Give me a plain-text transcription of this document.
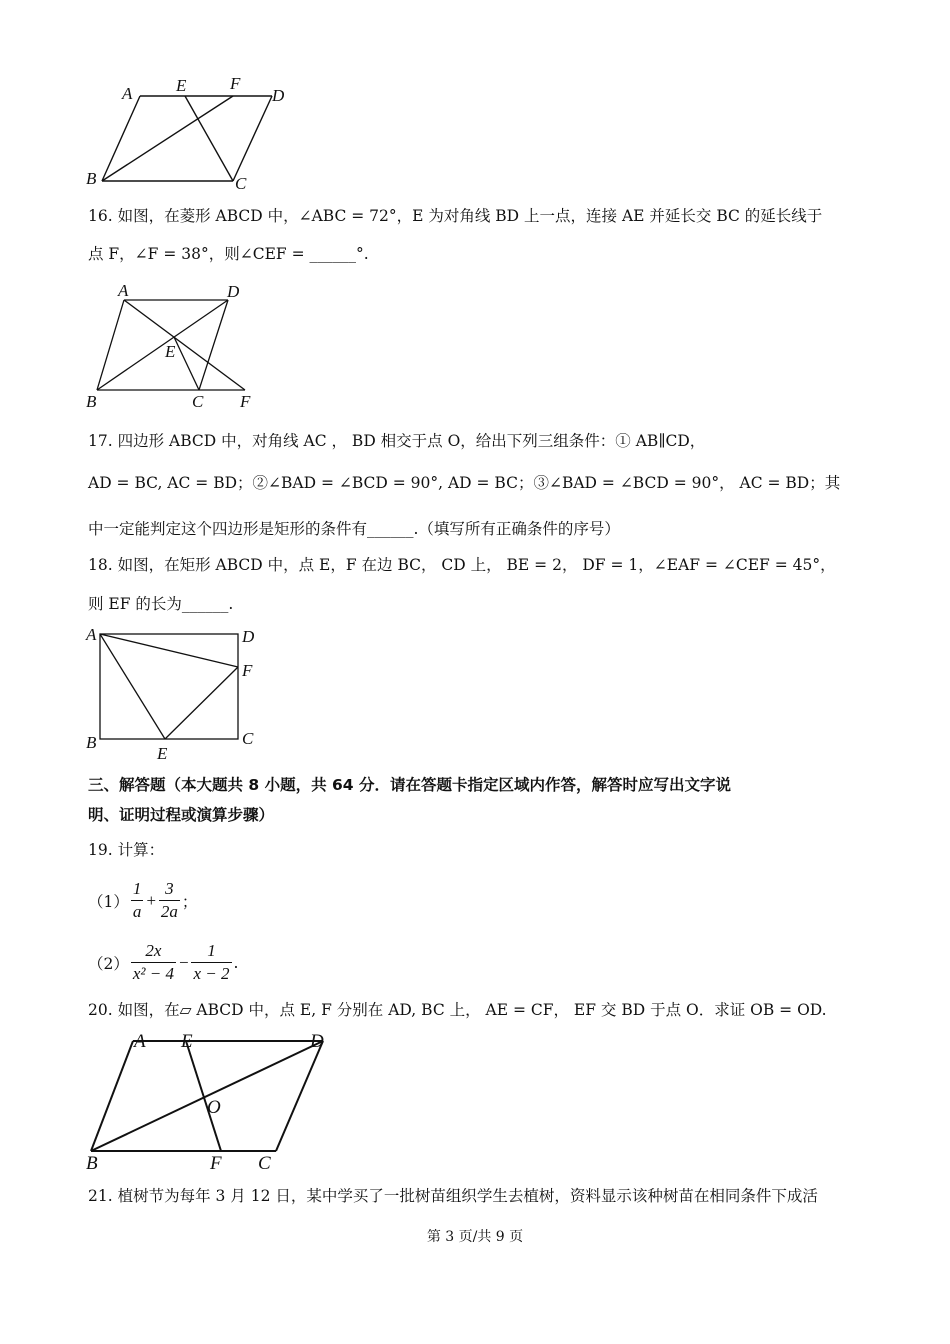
A	E	F
D
B	C
16. 如图，在菱形 ABCD 中，∠ABC = 72°，E 为对角线 BD 上一点，连接 AE 并延长交 BC 的延长线于
点 F，∠F = 38°，则∠CEF = ______°.
A	D
E
B	C F
17. 四边形 ABCD 中，对角线 AC ， BD 相交于点 O，给出下列三组条件：① AB∥CD，
AD = BC, AC = BD；②∠BAD = ∠BCD = 90°, AD = BC；③∠BAD = ∠BCD = 90°， AC = BD；其
中一定能判定这个四边形是矩形的条件有______.（填写所有正确条件的序号）
18. 如图，在矩形 ABCD 中，点 E，F 在边 BC， CD 上， BE = 2， DF = 1，∠EAF = ∠CEF = 45°，
则 EF 的长为______.
A	D
F
B
E
C
三、解答题（本大题共 8 小题，共 64 分．请在答题卡指定区域内作答，解答时应写出文字说
明、证明过程或演算步骤）
19. 计算：
$(1) \frac{1}{a} + \frac{3}{2a}$ ；
$(2) \frac{2x}{\text{x² − 4}} - \frac{1}{x - 2}$ .
20. 如图，在▱ ABCD 中，点 E, F 分别在 AD, BC 上， AE = CF， EF 交 BD 于点 O．求证 OB = OD.
A E	D
O
B	F C
21. 植树节为每年 3 月 12 日，某中学买了一批树苗组织学生去植树，资料显示该种树苗在相同条件下成活
第 3 页/共 9 页
